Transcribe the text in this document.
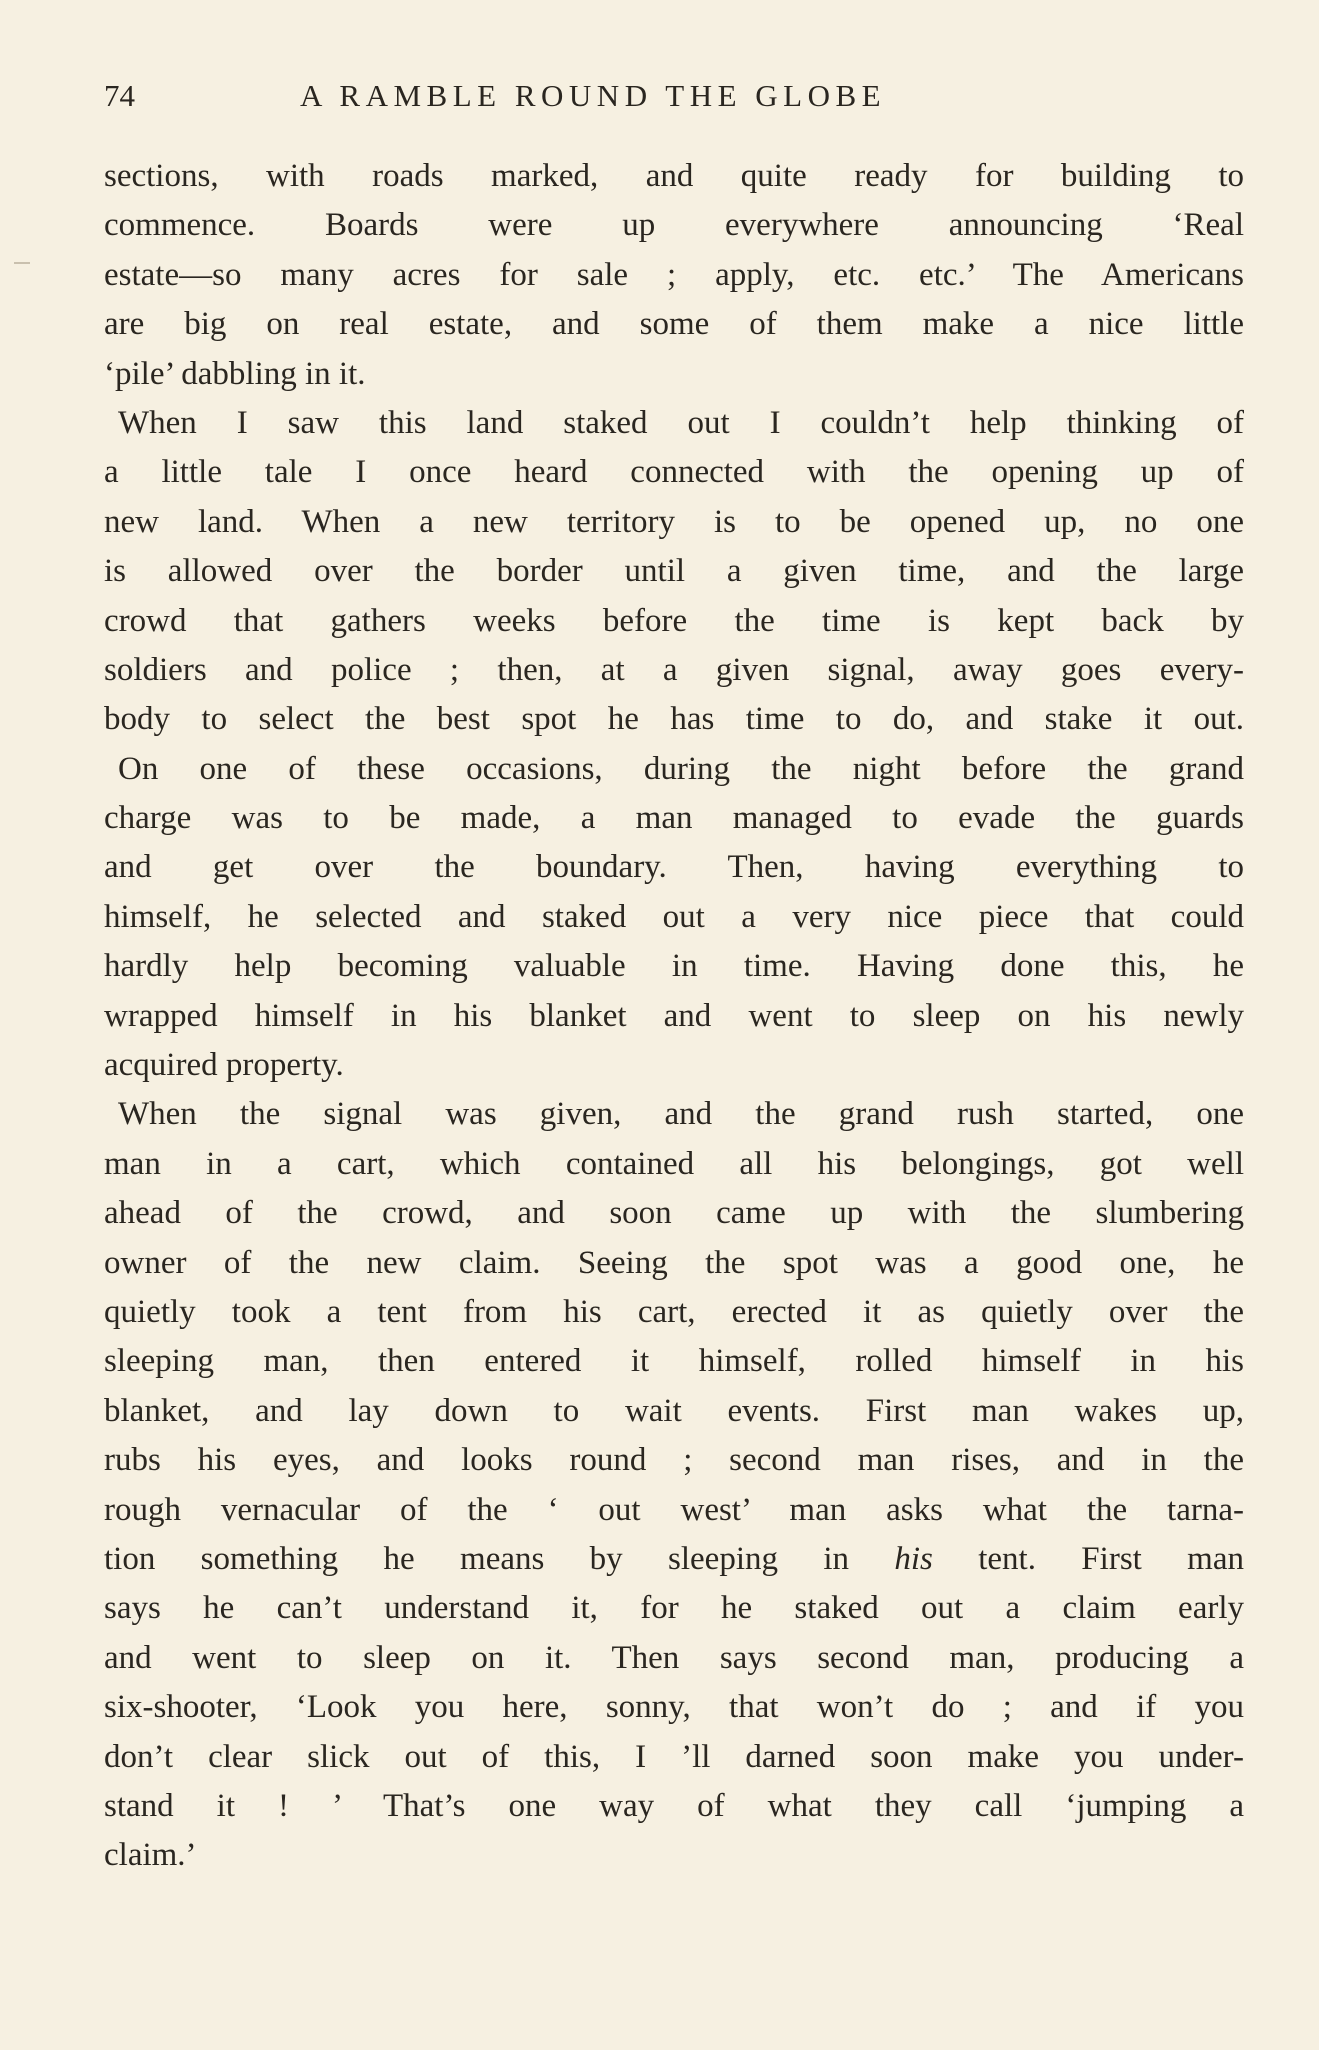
74	A RAMBLE ROUND THE GLOBE
sections, with roads marked, and quite ready for building to
commence. Boards were up everywhere announcing ‘Real
estate—so many acres for sale ; apply, etc. etc.’ The Americans
are big on real estate, and some of them make a nice little
‘pile’ dabbling in it.
When I saw this land staked out I couldn’t help thinking of
a little tale I once heard connected with the opening up of
new land. When a new territory is to be opened up, no one
is allowed over the border until a given time, and the large
crowd that gathers weeks before the time is kept back by
soldiers and police ; then, at a given signal, away goes every-
body to select the best spot he has time to do, and stake it out.
On one of these occasions, during the night before the grand
charge was to be made, a man managed to evade the guards
and get over the boundary. Then, having everything to
himself, he selected and staked out a very nice piece that could
hardly help becoming valuable in time. Having done this, he
wrapped himself in his blanket and went to sleep on his newly
acquired property.
When the signal was given, and the grand rush started, one
man in a cart, which contained all his belongings, got well
ahead of the crowd, and soon came up with the slumbering
owner of the new claim. Seeing the spot was a good one, he
quietly took a tent from his cart, erected it as quietly over the
sleeping man, then entered it himself, rolled himself in his
blanket, and lay down to wait events. First man wakes up,
rubs his eyes, and looks round ; second man rises, and in the
rough vernacular of the ‘ out west’ man asks what the tarna-
tion something he means by sleeping in his tent. First man
says he can’t understand it, for he staked out a claim early
and went to sleep on it. Then says second man, producing a
six-shooter, ‘Look you here, sonny, that won’t do ; and if you
don’t clear slick out of this, I ’ll darned soon make you under-
stand it ! ’ That’s one way of what they call ‘jumping a
claim.’
